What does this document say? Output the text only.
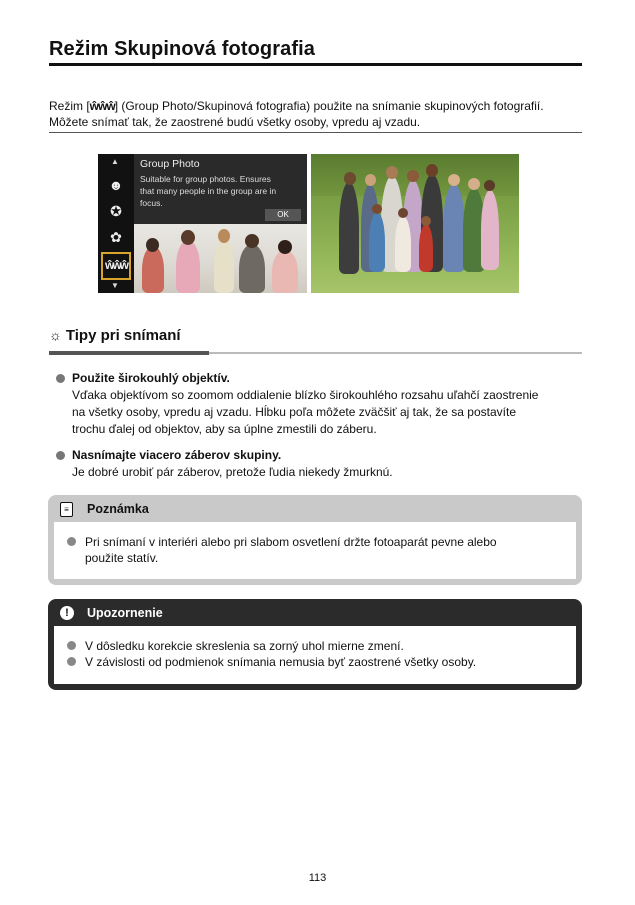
Režim Skupinová fotografia

Režim [ŵŵŵ] (Group Photo/Skupinová fotografia) použite na snímanie skupinových fotografií.
Môžete snímať tak, že zaostrené budú všetky osoby, vpredu aj vzadu.

▲
☻
✪
✿
ŵŵŵ
▼
Group Photo
Suitable for group photos. Ensures that many people in the group are in focus.
OK
☼ Tipy pri snímaní
Použite širokouhlý objektív.
Vďaka objektívom so zoomom oddialenie blízko širokouhlého rozsahu uľahčí zaostrenie
na všetky osoby, vpredu aj vzadu. Hĺbku poľa môžete zväčšiť aj tak, že sa postavíte
trochu ďalej od objektov, aby sa úplne zmestili do záberu.
Nasnímajte viacero záberov skupiny.
Je dobré urobiť pár záberov, pretože ľudia niekedy žmurknú.
≡	Poznámka
Pri snímaní v interiéri alebo pri slabom osvetlení držte fotoaparát pevne alebo
použite statív.
!	Upozornenie
V dôsledku korekcie skreslenia sa zorný uhol mierne zmení.
V závislosti od podmienok snímania nemusia byť zaostrené všetky osoby.
113
